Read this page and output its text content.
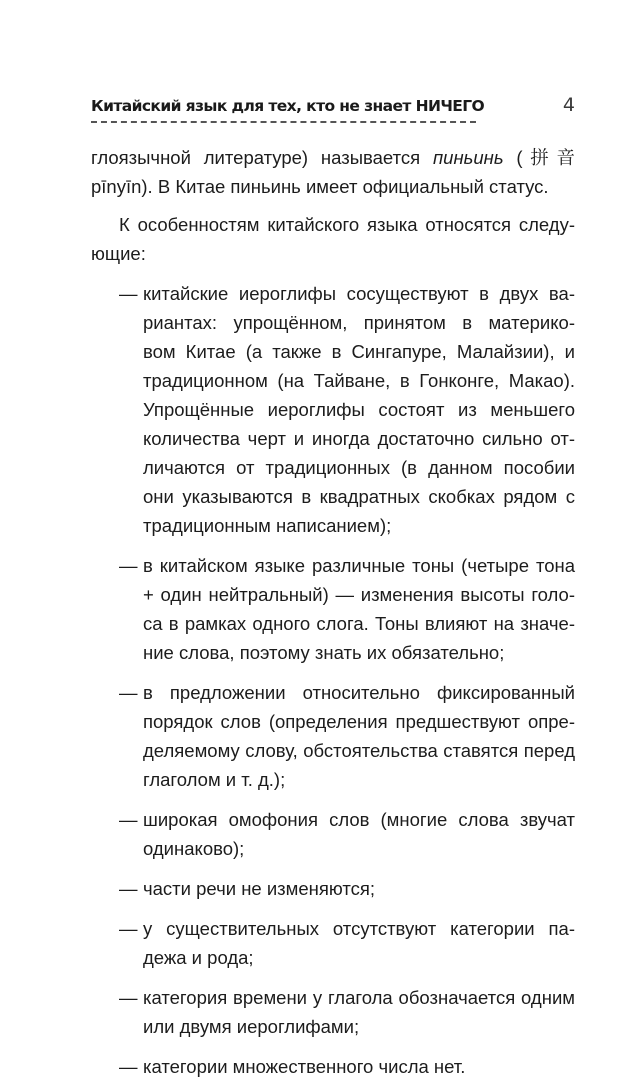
Китайский язык для тех, кто не знает НИЧЕГО	4
глоязычной литературе) называется пиньинь (拼音
pīnyīn). В Китае пиньинь имеет официальный статус.
К особенностям китайского языка относятся следу-
ющие:
— китайские иероглифы сосуществуют в двух ва-
риантах: упрощённом, принятом в материко-
вом Китае (а также в Сингапуре, Малайзии), и
традиционном (на Тайване, в Гонконге, Макао).
Упрощённые иероглифы состоят из меньшего
количества черт и иногда достаточно сильно от-
личаются от традиционных (в данном пособии
они указываются в квадратных скобках рядом с
традиционным написанием);
— в китайском языке различные тоны (четыре тона
+ один нейтральный) — изменения высоты голо-
са в рамках одного слога. Тоны влияют на значе-
ние слова, поэтому знать их обязательно;
— в предложении относительно фиксированный
порядок слов (определения предшествуют опре-
деляемому слову, обстоятельства ставятся перед
глаголом и т. д.);
— широкая омофония слов (многие слова звучат
одинаково);
— части речи не изменяются;
— у существительных отсутствуют категории па-
дежа и рода;
— категория времени у глагола обозначается одним
или двумя иероглифами;
— категории множественного числа нет.
